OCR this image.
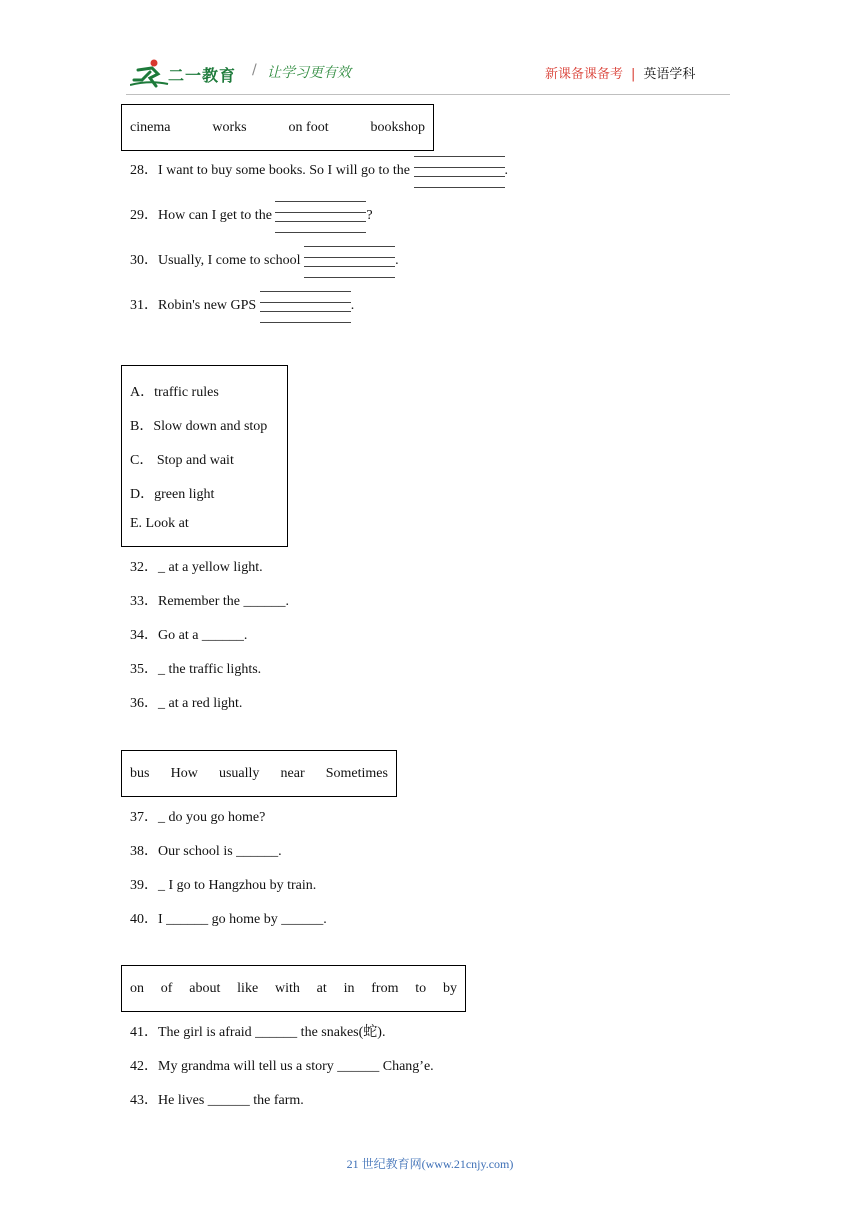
二一教育 / 让学习更有效	新课备课备考 | 英语学科
cinema	works	on foot	bookshop
28．I want to buy some books. So I will go to the	.
29．How can I get to the	?
30．Usually, I come to school	.
31．Robin's new GPS	.
A．traffic rules
B．Slow down and stop
C． Stop and wait
D．green light
E. Look at
32．_ at a yellow light.
33．Remember the ______.
34．Go at a ______.
35．_ the traffic lights.
36．_ at a red light.
bus How usually near Sometimes
37．_ do you go home?
38．Our school is ______.
39．_ I go to Hangzhou by train.
40．I ______ go home by ______.
on of about like with at in from to by
41．The girl is afraid ______ the snakes(蛇).
42．My grandma will tell us a story ______ Chang’e.
43．He lives ______ the farm.
21 世纪教育网(www.21cnjy.com)
